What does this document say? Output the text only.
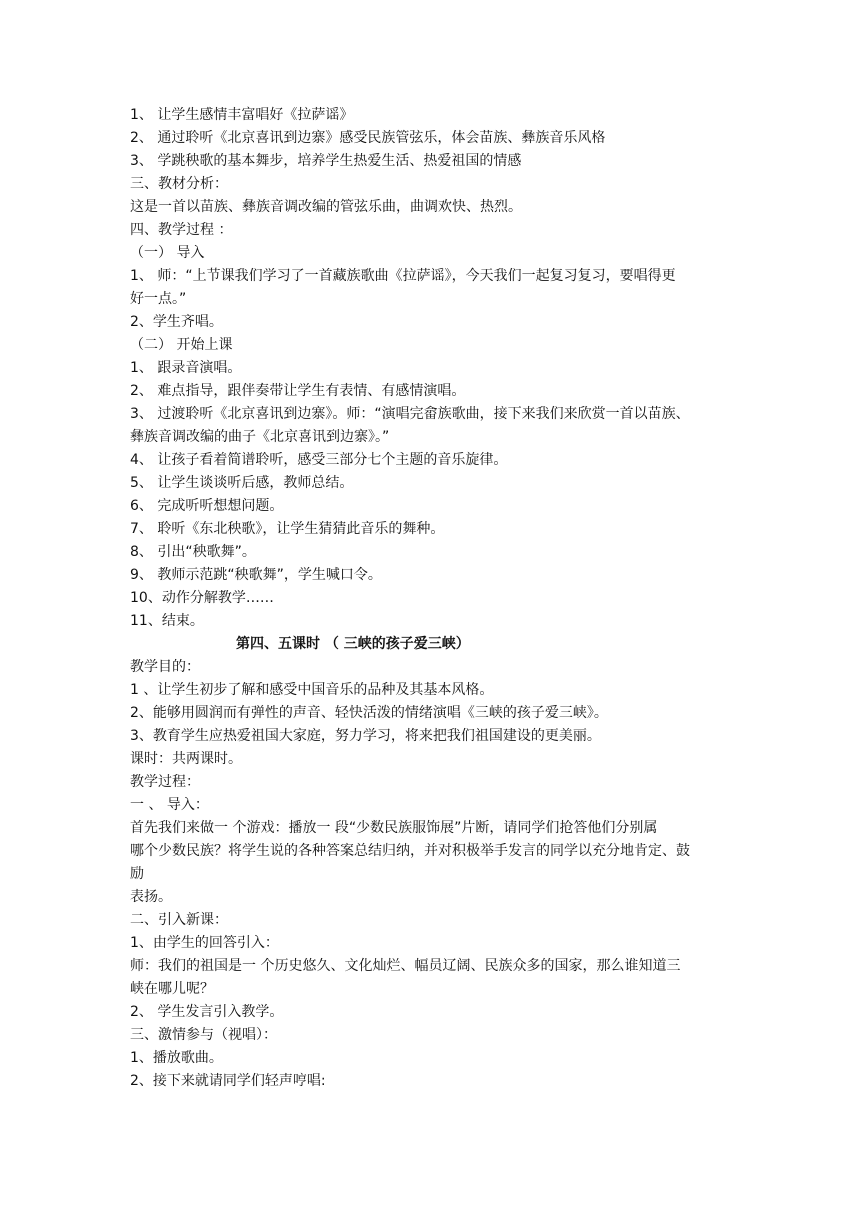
1、 让学生感情丰富唱好《拉萨谣》
2、 通过聆听《北京喜讯到边寨》感受民族管弦乐，体会苗族、彝族音乐风格
3、 学跳秧歌的基本舞步，培养学生热爱生活、热爱祖国的情感
三、教材分析：
这是一首以苗族、彝族音调改编的管弦乐曲，曲调欢快、热烈。
四、教学过程 ：
（一） 导入
1、 师：“上节课我们学习了一首藏族歌曲《拉萨谣》，今天我们一起复习复习，要唱得更
好一点。”
2、学生齐唱。
（二） 开始上课
1、 跟录音演唱。
2、 难点指导，跟伴奏带让学生有表情、有感情演唱。
3、 过渡聆听《北京喜讯到边寨》。师：“演唱完畲族歌曲，接下来我们来欣赏一首以苗族、
彝族音调改编的曲子《北京喜讯到边寨》。”
4、 让孩子看着简谱聆听，感受三部分七个主题的音乐旋律。
5、 让学生谈谈听后感，教师总结。
6、 完成听听想想问题。
7、 聆听《东北秧歌》，让学生猜猜此音乐的舞种。
8、 引出“秧歌舞”。
9、 教师示范跳“秧歌舞”，学生喊口令。
10、动作分解教学……
11、结束。
第四、五课时 （ 三峡的孩子爱三峡）
教学目的：
1 、让学生初步了解和感受中国音乐的品种及其基本风格。
2、能够用圆润而有弹性的声音、轻快活泼的情绪演唱《三峡的孩子爱三峡》。
3、教育学生应热爱祖国大家庭，努力学习，将来把我们祖国建设的更美丽。
课时：共两课时。
教学过程：
一 、 导入：
首先我们来做一 个游戏：播放一 段“少数民族服饰展”片断，请同学们抢答他们分别属
哪个少数民族？将学生说的各种答案总结归纳，并对积极举手发言的同学以充分地肯定、鼓
励
表扬。
二、引入新课：
1、由学生的回答引入：
师：我们的祖国是一 个历史悠久、文化灿烂、幅员辽阔、民族众多的国家，那么谁知道三
峡在哪儿呢？
2、 学生发言引入教学。
三、激情参与（视唱）：
1、播放歌曲。
2、接下来就请同学们轻声哼唱:
